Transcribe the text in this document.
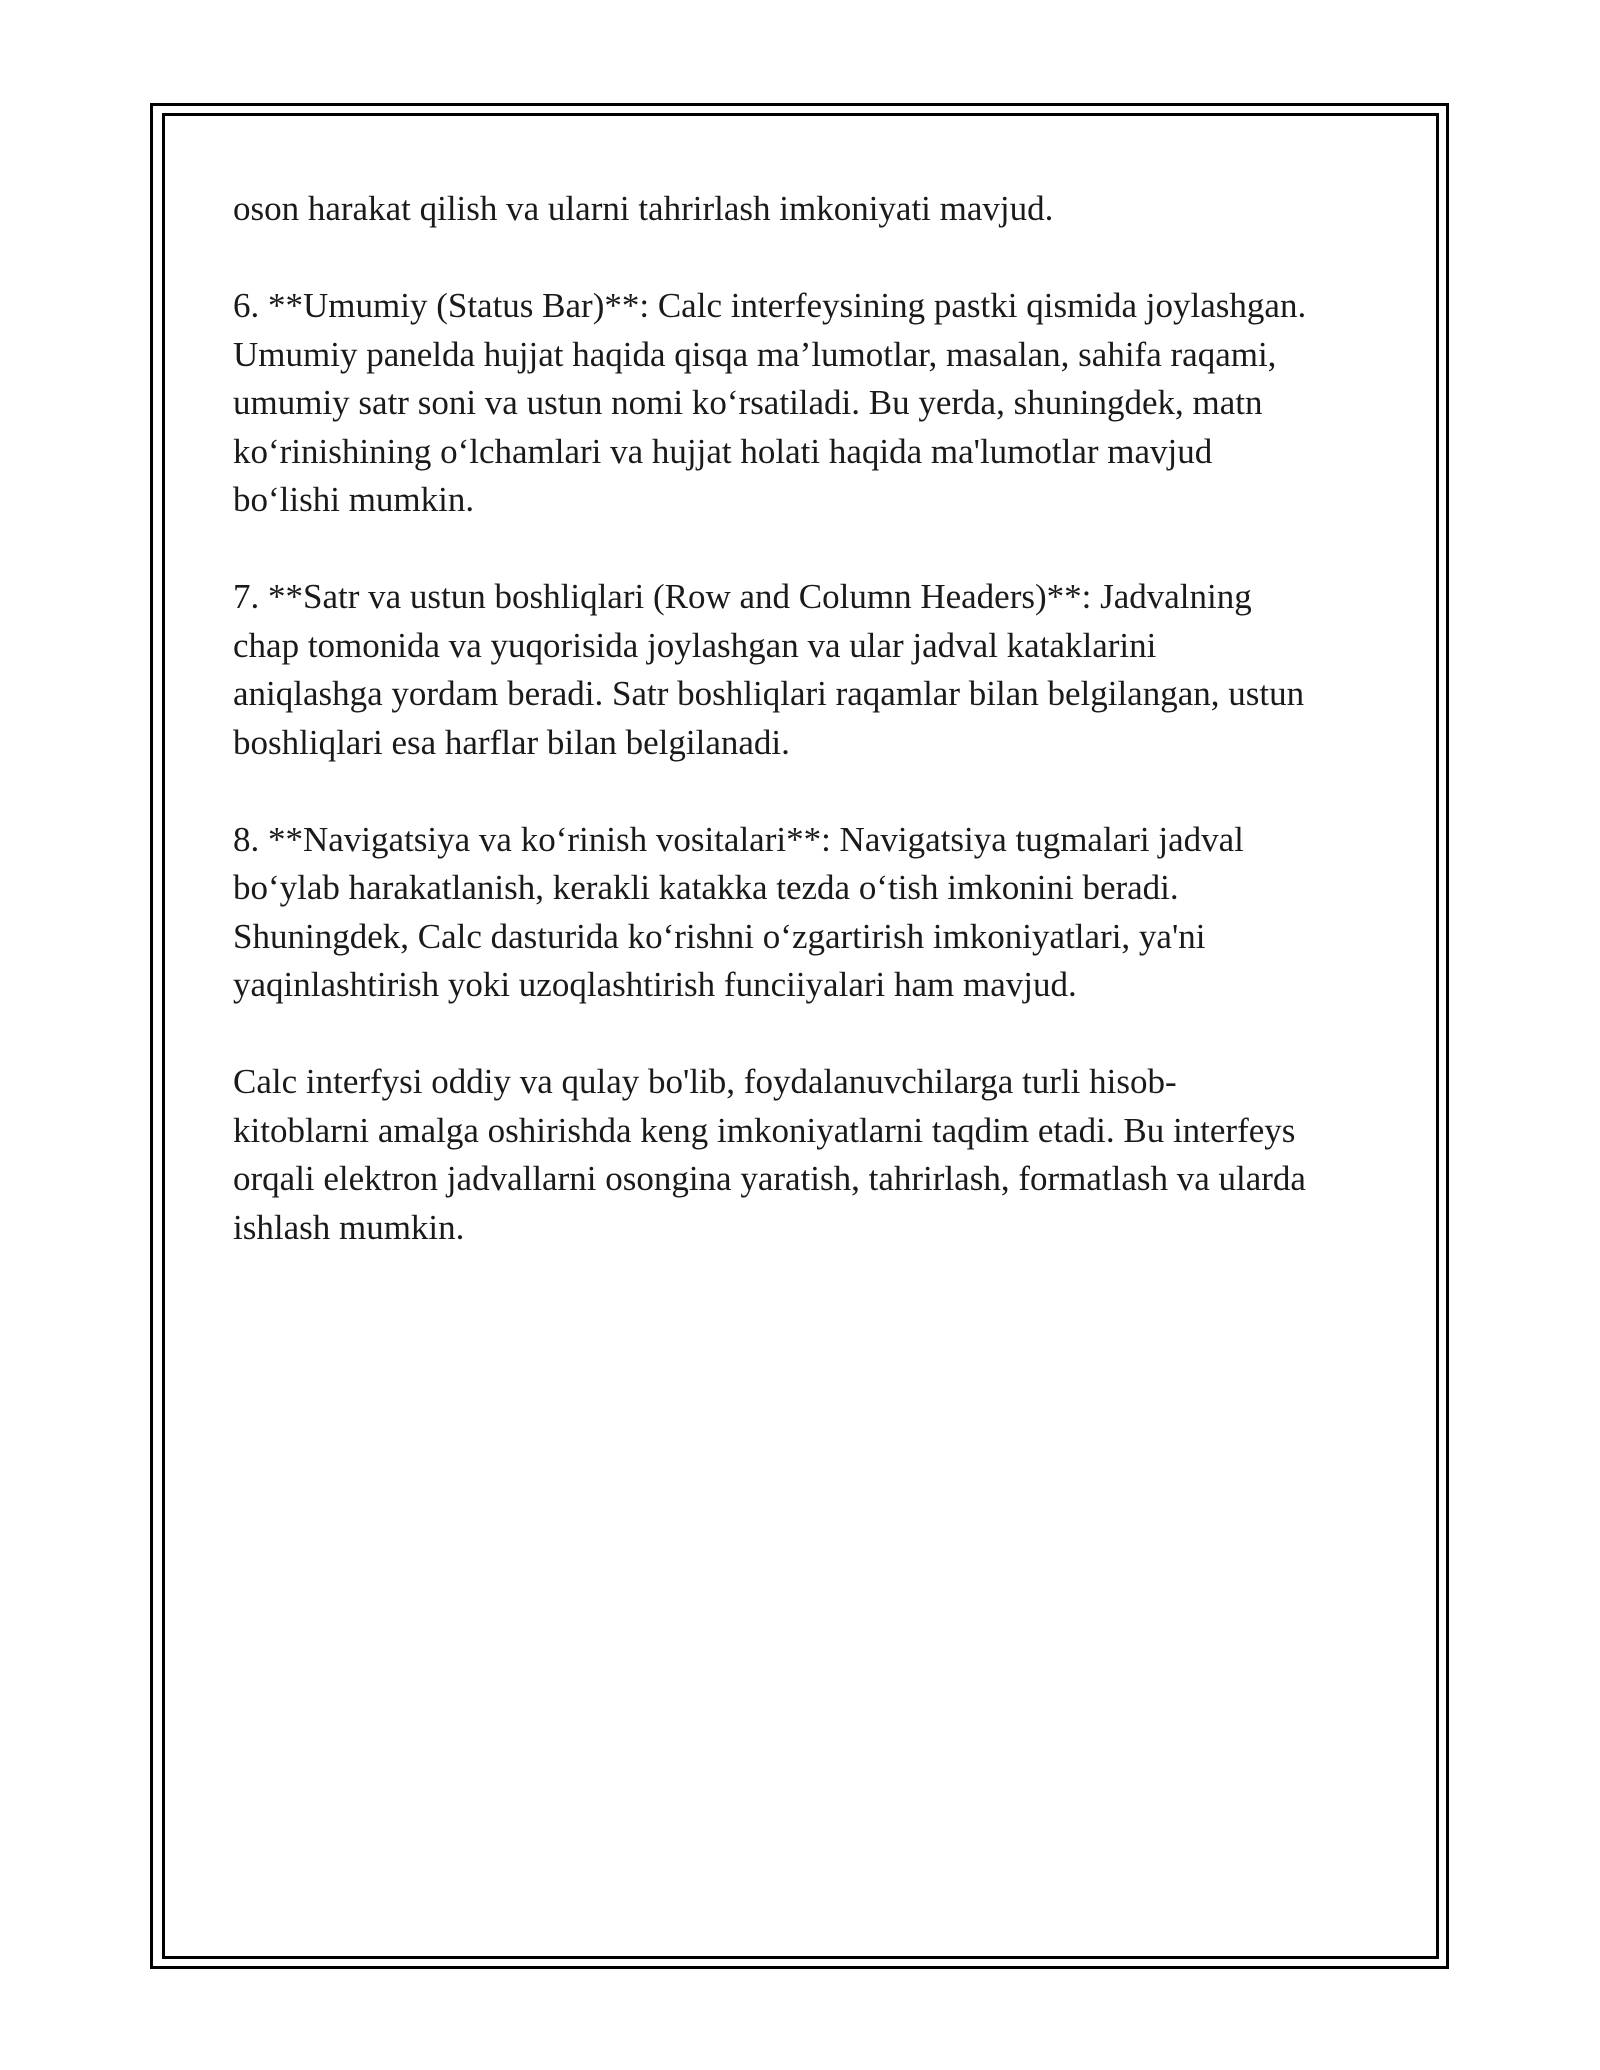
oson harakat qilish va ularni tahrirlash imkoniyati mavjud.

6. **Umumiy (Status Bar)**: Calc interfeysining pastki qismida joylashgan.

Umumiy panelda hujjat haqida qisqa ma’lumotlar, masalan, sahifa raqami,

umumiy satr soni va ustun nomi ko‘rsatiladi. Bu yerda, shuningdek, matn

ko‘rinishining o‘lchamlari va hujjat holati haqida ma'lumotlar mavjud

bo‘lishi mumkin.

7. **Satr va ustun boshliqlari (Row and Column Headers)**: Jadvalning

chap tomonida va yuqorisida joylashgan va ular jadval kataklarini

aniqlashga yordam beradi. Satr boshliqlari raqamlar bilan belgilangan, ustun

boshliqlari esa harflar bilan belgilanadi.

8. **Navigatsiya va ko‘rinish vositalari**: Navigatsiya tugmalari jadval

bo‘ylab harakatlanish, kerakli katakka tezda o‘tish imkonini beradi.

Shuningdek, Calc dasturida ko‘rishni o‘zgartirish imkoniyatlari, ya'ni

yaqinlashtirish yoki uzoqlashtirish funciiyalari ham mavjud.

Calc interfysi oddiy va qulay bo'lib, foydalanuvchilarga turli hisob-

kitoblarni amalga oshirishda keng imkoniyatlarni taqdim etadi. Bu interfeys

orqali elektron jadvallarni osongina yaratish, tahrirlash, formatlash va ularda

ishlash mumkin.
